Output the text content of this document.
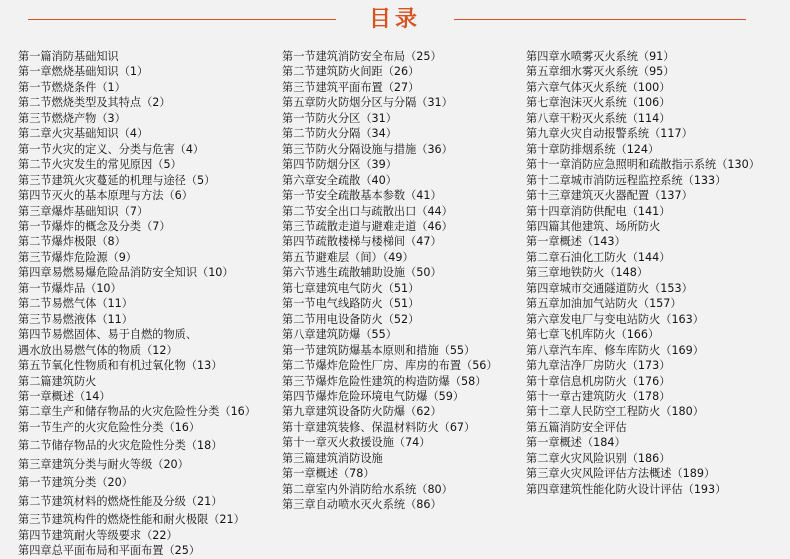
目录
第一篇消防基础知识
第一章燃烧基础知识（1）
第一节燃烧条件（1）
第二节燃烧类型及其特点（2）
第三节燃烧产物（3）
第二章火灾基础知识（4）
第一节火灾的定义、分类与危害（4）
第二节火灾发生的常见原因（5）
第三节建筑火灾蔓延的机理与途径（5）
第四节灭火的基本原理与方法（6）
第三章爆炸基础知识（7）
第一节爆炸的概念及分类（7）
第二节爆炸极限（8）
第三节爆炸危险源（9）
第四章易燃易爆危险品消防安全知识（10）
第一节爆炸品（10）
第二节易燃气体（11）
第三节易燃液体（11）
第四节易燃固体、易于自燃的物质、
遇水放出易燃气体的物质（12）
第五节氧化性物质和有机过氧化物（13）
第二篇建筑防火
第一章概述（14）
第二章生产和储存物品的火灾危险性分类（16）
第一节生产的火灾危险性分类（16）
第二节储存物品的火灾危险性分类（18）
第三章建筑分类与耐火等级（20）
第一节建筑分类（20）
第二节建筑材料的燃烧性能及分级（21）
第三节建筑构件的燃烧性能和耐火极限（21）
第四节建筑耐火等级要求（22）
第四章总平面布局和平面布置（25）
第一节建筑消防安全布局（25）
第二节建筑防火间距（26）
第三节建筑平面布置（27）
第五章防火防烟分区与分隔（31）
第一节防火分区（31）
第二节防火分隔（34）
第三节防火分隔设施与措施（36）
第四节防烟分区（39）
第六章安全疏散（40）
第一节安全疏散基本参数（41）
第二节安全出口与疏散出口（44）
第三节疏散走道与避难走道（46）
第四节疏散楼梯与楼梯间（47）
第五节避难层（间）（49）
第六节逃生疏散辅助设施（50）
第七章建筑电气防火（51）
第一节电气线路防火（51）
第二节用电设备防火（52）
第八章建筑防爆（55）
第一节建筑防爆基本原则和措施（55）
第二节爆炸危险性厂房、库房的布置（56）
第三节爆炸危险性建筑的构造防爆（58）
第四节爆炸危险环境电气防爆（59）
第九章建筑设备防火防爆（62）
第十章建筑装修、保温材料防火（67）
第十一章灭火救援设施（74）
第三篇建筑消防设施
第一章概述（78）
第二章室内外消防给水系统（80）
第三章自动喷水灭火系统（86）
第四章水喷雾灭火系统（91）
第五章细水雾灭火系统（95）
第六章气体灭火系统（100）
第七章泡沫灭火系统（106）
第八章干粉灭火系统（114）
第九章火灾自动报警系统（117）
第十章防排烟系统（124）
第十一章消防应急照明和疏散指示系统（130）
第十二章城市消防远程监控系统（133）
第十三章建筑灭火器配置（137）
第十四章消防供配电（141）
第四篇其他建筑、场所防火
第一章概述（143）
第二章石油化工防火（144）
第三章地铁防火（148）
第四章城市交通隧道防火（153）
第五章加油加气站防火（157）
第六章发电厂与变电站防火（163）
第七章飞机库防火（166）
第八章汽车库、修车库防火（169）
第九章洁净厂房防火（173）
第十章信息机房防火（176）
第十一章古建筑防火（178）
第十二章人民防空工程防火（180）
第五篇消防安全评估
第一章概述（184）
第二章火灾风险识别（186）
第三章火灾风险评估方法概述（189）
第四章建筑性能化防火设计评估（193）
